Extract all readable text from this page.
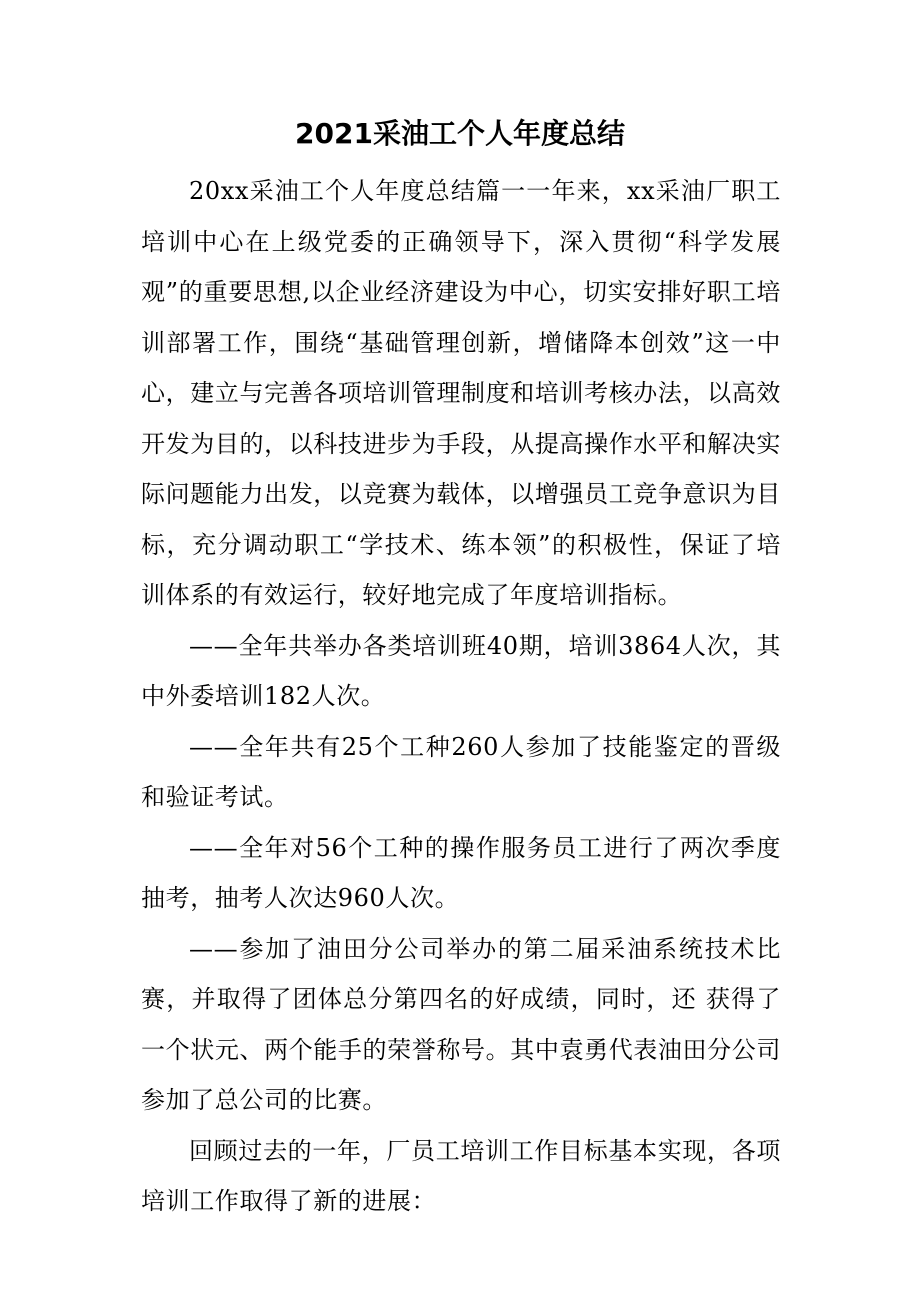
2021采油工个人年度总结

20xx采油工个人年度总结篇一一年来，xx采油厂职工培训中心在上级党委的正确领导下，深入贯彻“科学发展观”的重要思想,以企业经济建设为中心，切实安排好职工培训部署工作，围绕“基础管理创新，增储降本创效”这一中心，建立与完善各项培训管理制度和培训考核办法，以高效开发为目的，以科技进步为手段，从提高操作水平和解决实际问题能力出发，以竞赛为载体，以增强员工竞争意识为目标，充分调动职工“学技术、练本领”的积极性，保证了培训体系的有效运行，较好地完成了年度培训指标。

——全年共举办各类培训班40期，培训3864人次，其中外委培训182人次。

——全年共有25个工种260人参加了技能鉴定的晋级和验证考试。

——全年对56个工种的操作服务员工进行了两次季度抽考，抽考人次达960人次。

——参加了油田分公司举办的第二届采油系统技术比赛，并取得了团体总分第四名的好成绩，同时，还 获得了一个状元、两个能手的荣誉称号。其中袁勇代表油田分公司参加了总公司的比赛。

回顾过去的一年，厂员工培训工作目标基本实现，各项培训工作取得了新的进展：
